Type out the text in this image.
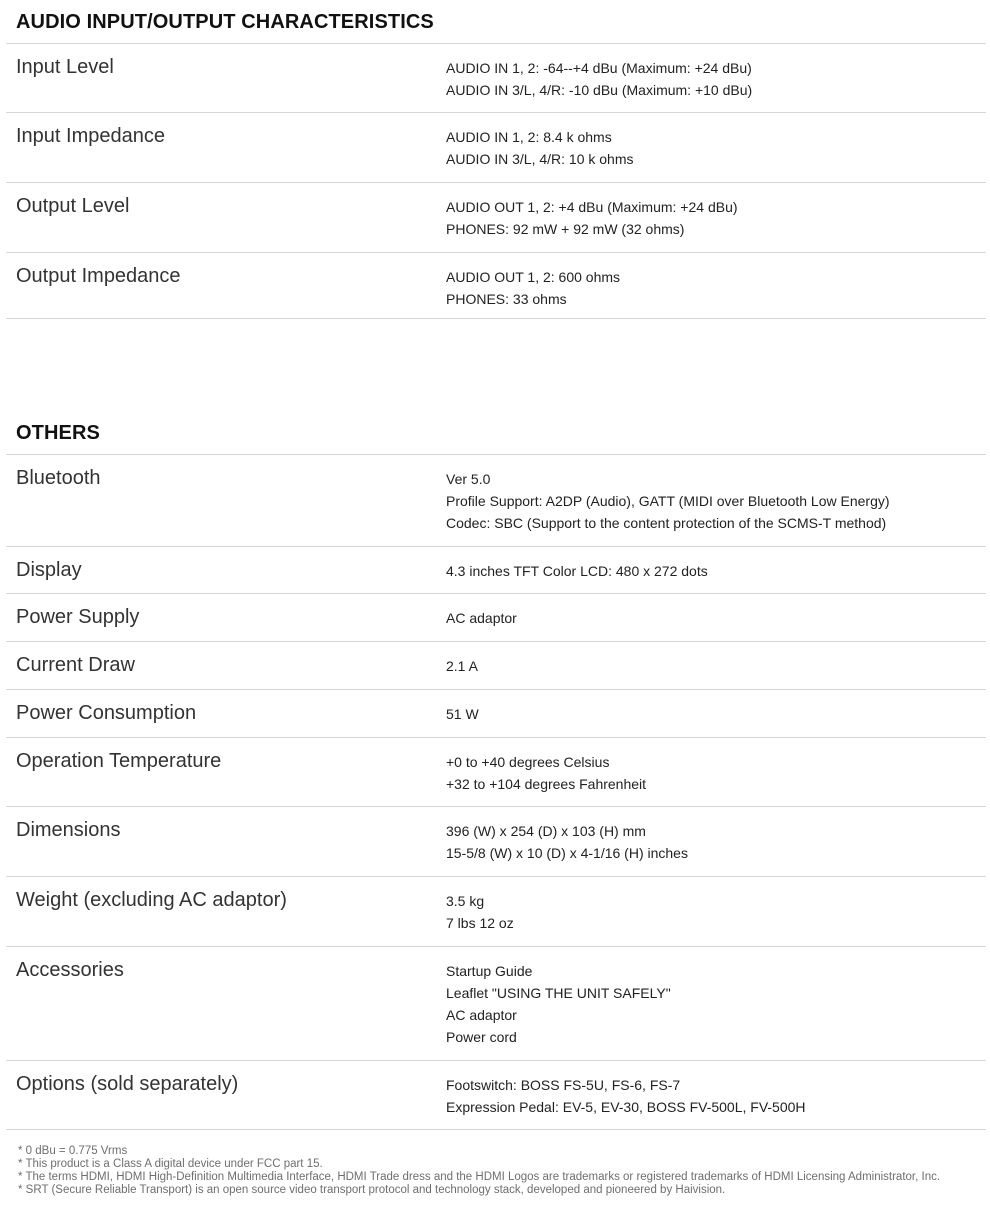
AUDIO INPUT/OUTPUT CHARACTERISTICS
Input Level	AUDIO IN 1, 2: -64--+4 dBu (Maximum: +24 dBu)
AUDIO IN 3/L, 4/R: -10 dBu (Maximum: +10 dBu)
Input Impedance	AUDIO IN 1, 2: 8.4 k ohms
AUDIO IN 3/L, 4/R: 10 k ohms
Output Level	AUDIO OUT 1, 2: +4 dBu (Maximum: +24 dBu)
PHONES: 92 mW + 92 mW (32 ohms)
Output Impedance	AUDIO OUT 1, 2: 600 ohms
PHONES: 33 ohms
OTHERS
Bluetooth	Ver 5.0
Profile Support: A2DP (Audio), GATT (MIDI over Bluetooth Low Energy)
Codec: SBC (Support to the content protection of the SCMS-T method)
Display	4.3 inches TFT Color LCD: 480 x 272 dots
Power Supply	AC adaptor
Current Draw	2.1 A
Power Consumption	51 W
Operation Temperature	+0 to +40 degrees Celsius
+32 to +104 degrees Fahrenheit
Dimensions	396 (W) x 254 (D) x 103 (H) mm
15-5/8 (W) x 10 (D) x 4-1/16 (H) inches
Weight (excluding AC adaptor)	3.5 kg
7 lbs 12 oz
Accessories	Startup Guide
Leaflet "USING THE UNIT SAFELY"
AC adaptor
Power cord
Options (sold separately)	Footswitch: BOSS FS-5U, FS-6, FS-7
Expression Pedal: EV-5, EV-30, BOSS FV-500L, FV-500H
* 0 dBu = 0.775 Vrms
* This product is a Class A digital device under FCC part 15.
* The terms HDMI, HDMI High-Definition Multimedia Interface, HDMI Trade dress and the HDMI Logos are trademarks or registered trademarks of HDMI Licensing Administrator, Inc.
* SRT (Secure Reliable Transport) is an open source video transport protocol and technology stack, developed and pioneered by Haivision.
